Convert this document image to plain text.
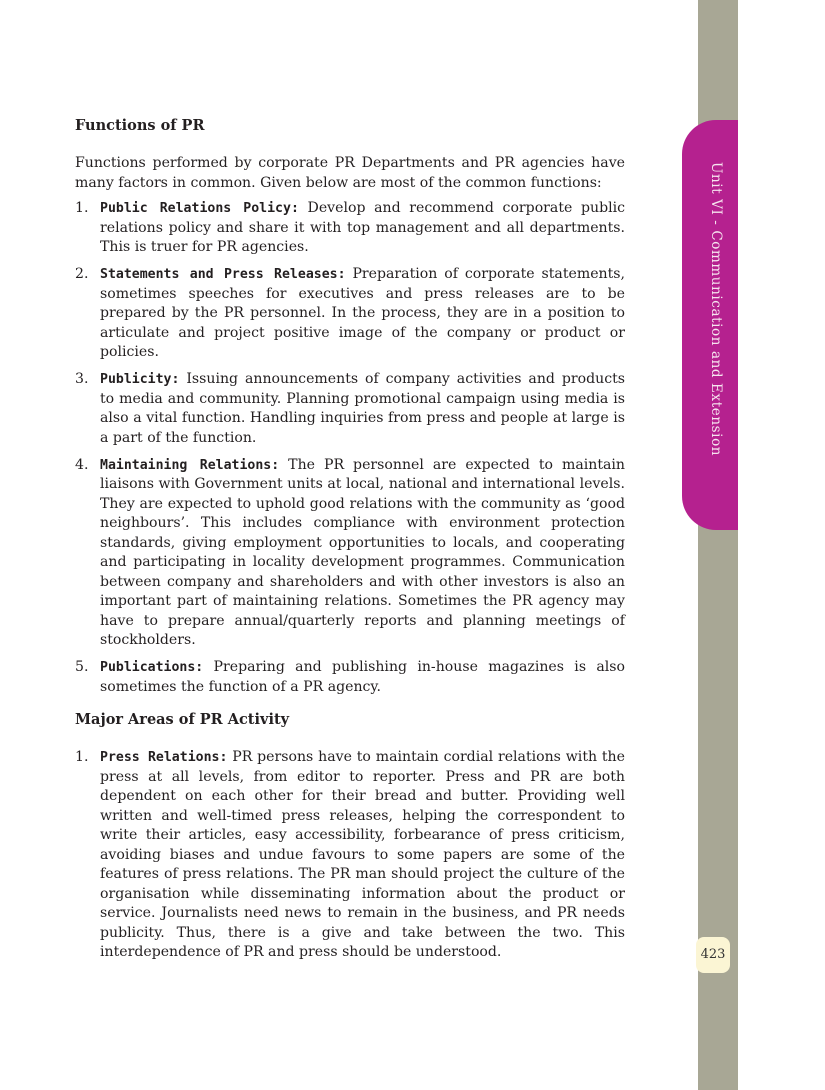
Unit VI - Communication and Extension
423
Functions of PR

Functions performed by corporate PR Departments and PR agencies have many factors in common. Given below are most of the common functions:

1. Public Relations Policy: Develop and recommend corporate public relations policy and share it with top management and all departments. This is truer for PR agencies.
2. Statements and Press Releases: Preparation of corporate statements, sometimes speeches for executives and press releases are to be prepared by the PR personnel. In the process, they are in a position to articulate and project positive image of the company or product or policies.
3. Publicity: Issuing announcements of company activities and products to media and community. Planning promotional campaign using media is also a vital function. Handling inquiries from press and people at large is a part of the function.
4. Maintaining Relations: The PR personnel are expected to maintain liaisons with Government units at local, national and international levels. They are expected to uphold good relations with the community as ‘good neighbours’. This includes compliance with environment protection standards, giving employment opportunities to locals, and cooperating and participating in locality development programmes. Communication between company and shareholders and with other investors is also an important part of maintaining relations. Sometimes the PR agency may have to prepare annual/quarterly reports and planning meetings of stockholders.
5. Publications: Preparing and publishing in-house magazines is also sometimes the function of a PR agency.
Major Areas of PR Activity
1. Press Relations: PR persons have to maintain cordial relations with the press at all levels, from editor to reporter. Press and PR are both dependent on each other for their bread and butter. Providing well written and well-timed press releases, helping the correspondent to write their articles, easy accessibility, forbearance of press criticism, avoiding biases and undue favours to some papers are some of the features of press relations. The PR man should project the culture of the organisation while disseminating information about the product or service. Journalists need news to remain in the business, and PR needs publicity. Thus, there is a give and take between the two. This interdependence of PR and press should be understood.
